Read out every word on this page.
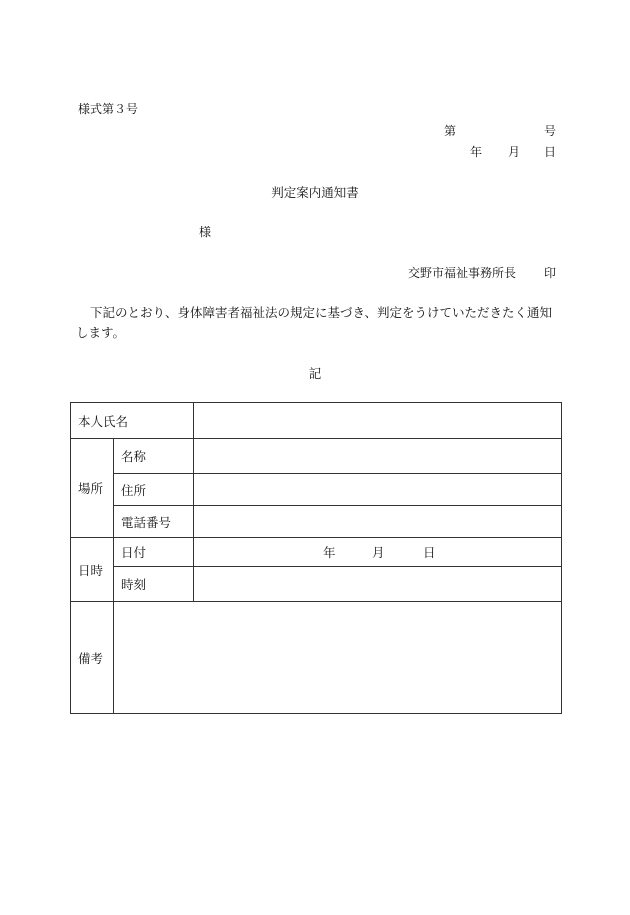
様式第３号
第	号
年 月 日
判定案内通知書
様
交野市福祉事務所長 印
下記のとおり、身体障害者福祉法の規定に基づき、判定をうけていただきたく通知します。
記
本人氏名		
場所	名称	
	住所	
	電話番号	
日時	日付	年 月 日

	時刻	
備考		
